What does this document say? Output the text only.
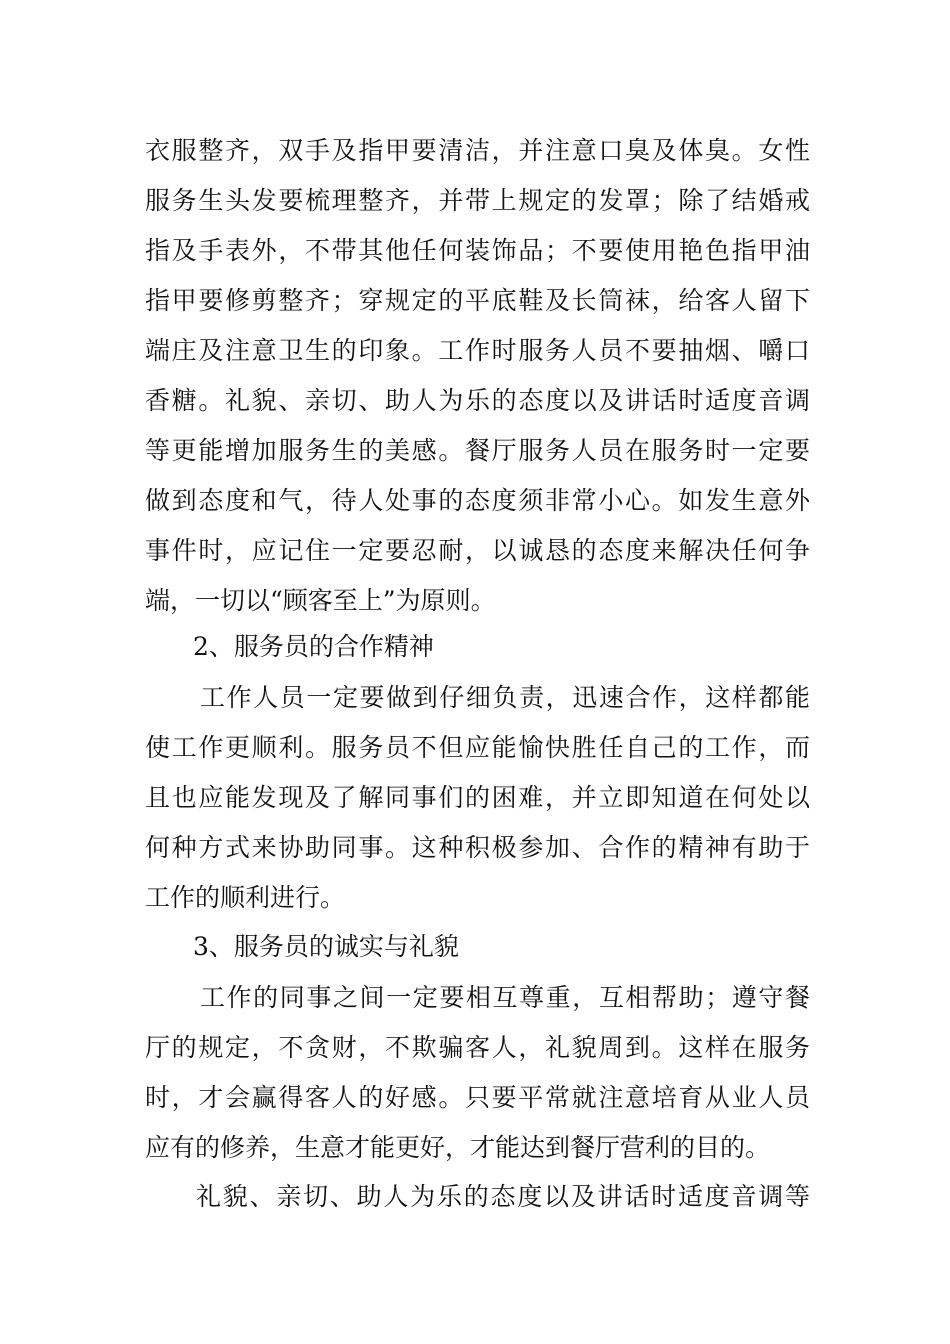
衣服整齐，双手及指甲要清洁，并注意口臭及体臭。女性
服务生头发要梳理整齐，并带上规定的发罩；除了结婚戒
指及手表外，不带其他任何装饰品；不要使用艳色指甲油
指甲要修剪整齐；穿规定的平底鞋及长筒袜，给客人留下
端庄及注意卫生的印象。工作时服务人员不要抽烟、嚼口
香糖。礼貌、亲切、助人为乐的态度以及讲话时适度音调
等更能增加服务生的美感。餐厅服务人员在服务时一定要
做到态度和气，待人处事的态度须非常小心。如发生意外
事件时，应记住一定要忍耐，以诚恳的态度来解决任何争
端，一切以“顾客至上”为原则。
2、服务员的合作精神
工作人员一定要做到仔细负责，迅速合作，这样都能
使工作更顺利。服务员不但应能愉快胜任自己的工作，而
且也应能发现及了解同事们的困难，并立即知道在何处以
何种方式来协助同事。这种积极参加、合作的精神有助于
工作的顺利进行。
3、服务员的诚实与礼貌
工作的同事之间一定要相互尊重，互相帮助；遵守餐
厅的规定，不贪财，不欺骗客人，礼貌周到。这样在服务
时，才会赢得客人的好感。只要平常就注意培育从业人员
应有的修养，生意才能更好，才能达到餐厅营利的目的。
礼貌、亲切、助人为乐的态度以及讲话时适度音调等
